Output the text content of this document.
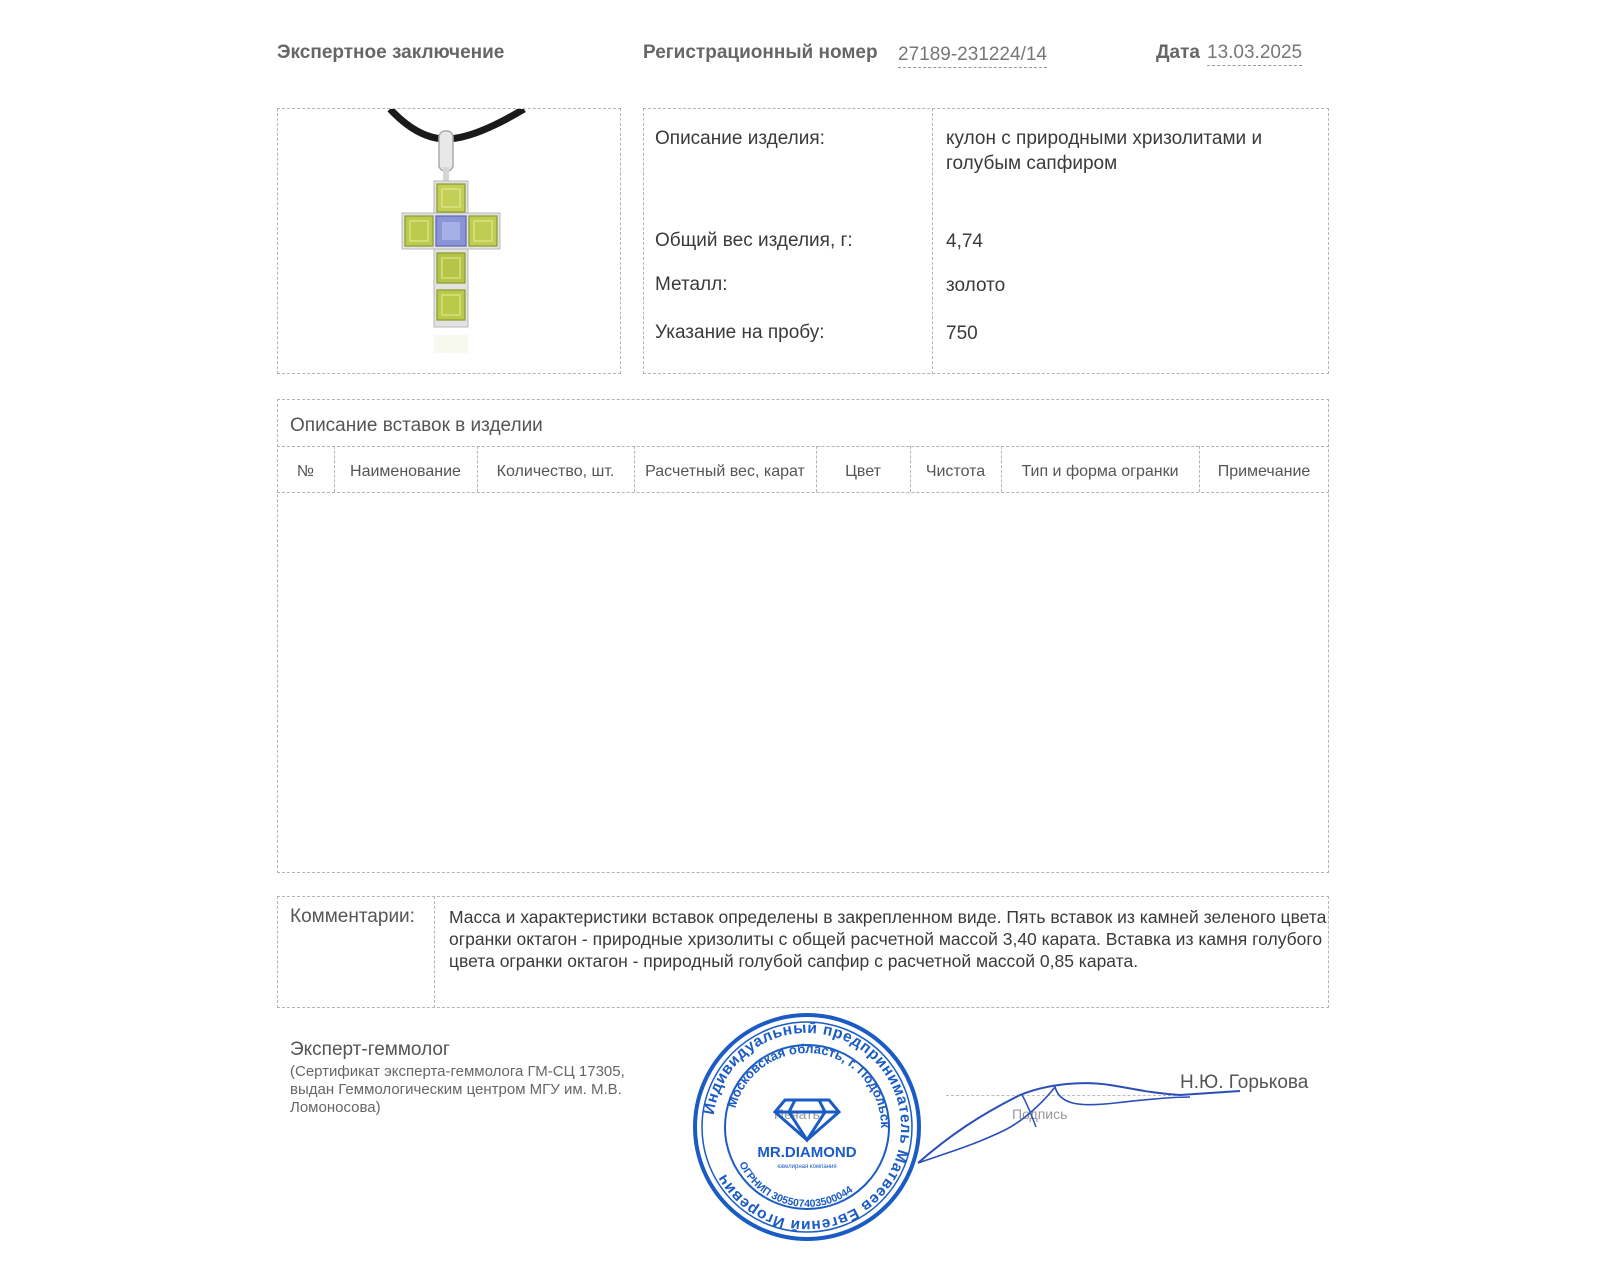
Экспертное заключение	Регистрационный номер 27189-231224/14	Дата 13.03.2025
Описание изделия:	кулон с природными хризолитами и голубым сапфиром
Общий вес изделия, г:	4,74
Металл:	золото
Указание на пробу:	750
Описание вставок в изделии
№	Наименование	Количество, шт.	Расчетный вес, карат	Цвет	Чистота	Тип и форма огранки	Примечание
Комментарии: Масса и характеристики вставок определены в закрепленном виде. Пять вставок из камней зеленого цвета огранки октагон - природные хризолиты с общей расчетной массой 3,40 карата. Вставка из камня голубого цвета огранки октагон - природный голубой сапфир с расчетной массой 0,85 карата.
Эксперт-геммолог
(Сертификат эксперта-геммолога ГМ-СЦ 17305, выдан Геммологическим центром МГУ им. М.В. Ломоносова)	Печать	Подпись
Н.Ю. Горькова
Индивидуальный предприниматель Матвеев Евгений Игоревич
Московская область, г. Подольск
ОГРНИП 305507403500044
MR.DIAMOND
ювелирная компания
